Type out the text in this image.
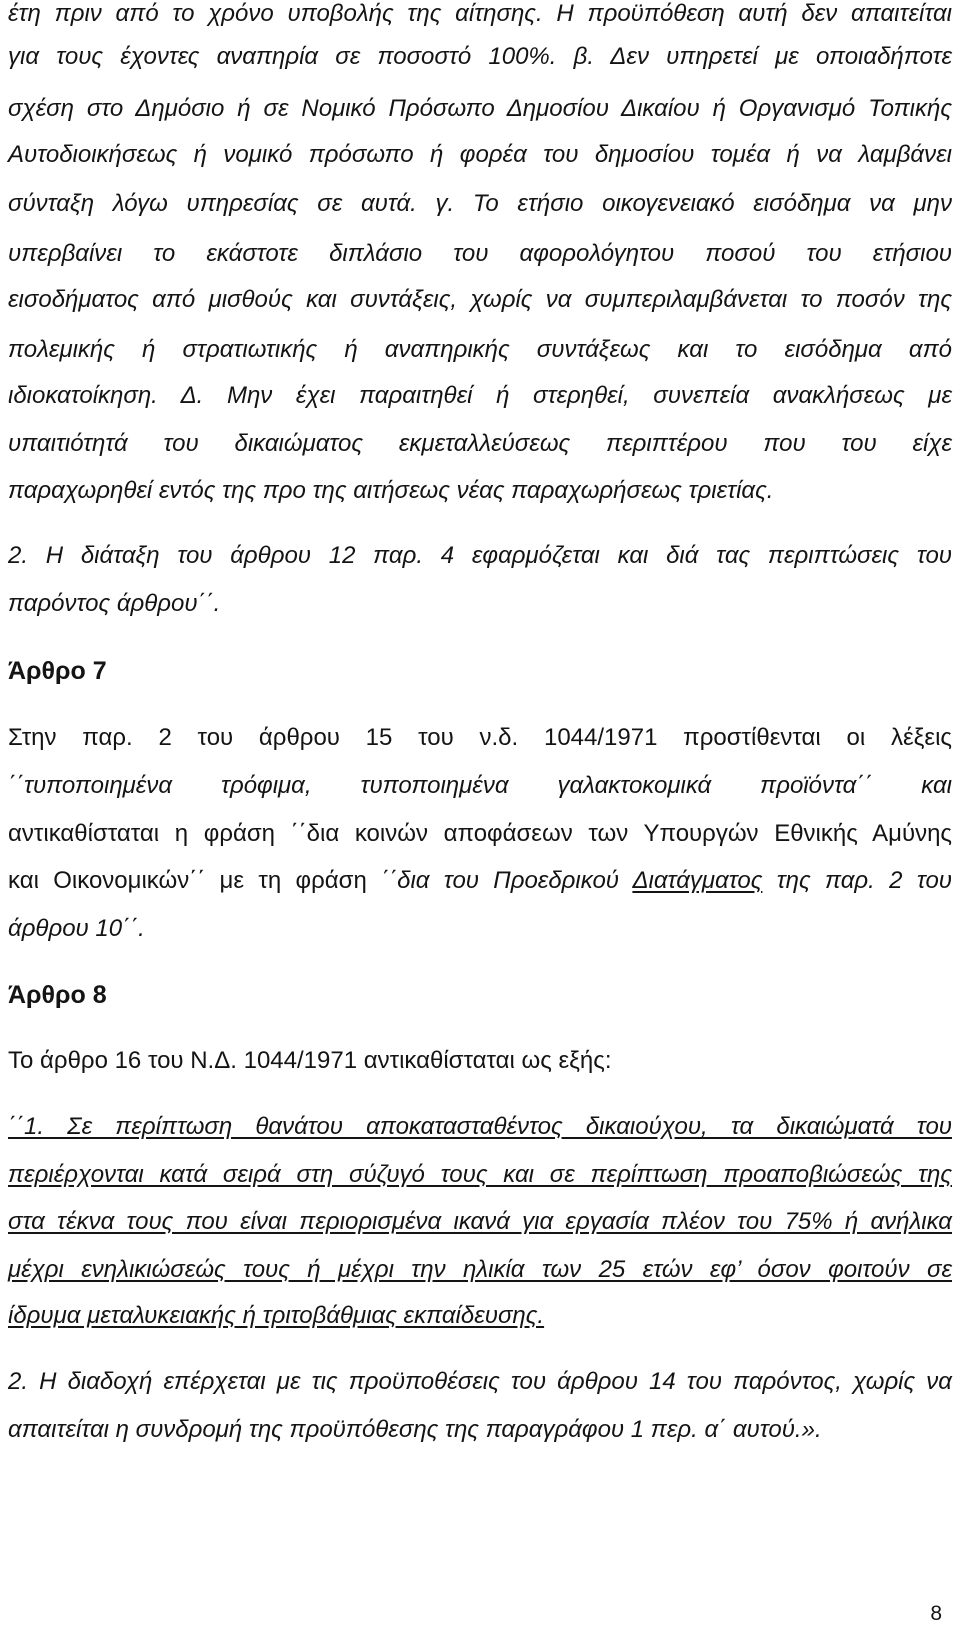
έτη πριν από το χρόνο υποβολής της αίτησης. Η προϋπόθεση αυτή δεν απαιτείται
για τους έχοντες αναπηρία σε ποσοστό 100%. β. Δεν υπηρετεί με οποιαδήποτε
σχέση στο Δημόσιο ή σε Νομικό Πρόσωπο Δημοσίου Δικαίου ή Οργανισμό Τοπικής
Αυτοδιοικήσεως ή νομικό πρόσωπο ή φορέα του δημοσίου τομέα ή να λαμβάνει
σύνταξη λόγω υπηρεσίας σε αυτά. γ. Το ετήσιο οικογενειακό εισόδημα να μην
υπερβαίνει το εκάστοτε διπλάσιο του αφορολόγητου ποσού του ετήσιου
εισοδήματος από μισθούς και συντάξεις, χωρίς να συμπεριλαμβάνεται το ποσόν της
πολεμικής ή στρατιωτικής ή αναπηρικής συντάξεως και το εισόδημα από
ιδιοκατοίκηση. Δ. Μην έχει παραιτηθεί ή στερηθεί, συνεπεία ανακλήσεως με
υπαιτιότητά του δικαιώματος εκμεταλλεύσεως περιπτέρου που του είχε
παραχωρηθεί εντός της προ της αιτήσεως νέας παραχωρήσεως τριετίας.
2. Η διάταξη του άρθρου 12 παρ. 4 εφαρμόζεται και διά τας περιπτώσεις του
παρόντος άρθρου΄΄.
Άρθρο 7
Στην παρ. 2 του άρθρου 15 του ν.δ. 1044/1971 προστίθενται οι λέξεις
΄΄τυποποιημένα τρόφιμα, τυποποιημένα γαλακτοκομικά προϊόντα΄΄ και
αντικαθίσταται η φράση ΄΄δια κοινών αποφάσεων των Υπουργών Εθνικής Αμύνης
και Οικονομικών΄΄ με τη φράση ΄΄δια του Προεδρικού Διατάγματος της παρ. 2 του
άρθρου 10΄΄.
Άρθρο 8
Το άρθρο 16 του Ν.Δ. 1044/1971 αντικαθίσταται ως εξής:
΄΄1. Σε περίπτωση θανάτου αποκατασταθέντος δικαιούχου, τα δικαιώματά του
περιέρχονται κατά σειρά στη σύζυγό τους και σε περίπτωση προαποβιώσεώς της
στα τέκνα τους που είναι περιορισμένα ικανά για εργασία πλέον του 75% ή ανήλικα
μέχρι ενηλικιώσεώς τους ή μέχρι την ηλικία των 25 ετών εφ’ όσον φοιτούν σε
ίδρυμα μεταλυκειακής ή τριτοβάθμιας εκπαίδευσης.
2. Η διαδοχή επέρχεται με τις προϋποθέσεις του άρθρου 14 του παρόντος, χωρίς να
απαιτείται η συνδρομή της προϋπόθεσης της παραγράφου 1 περ. α΄ αυτού.».
8
